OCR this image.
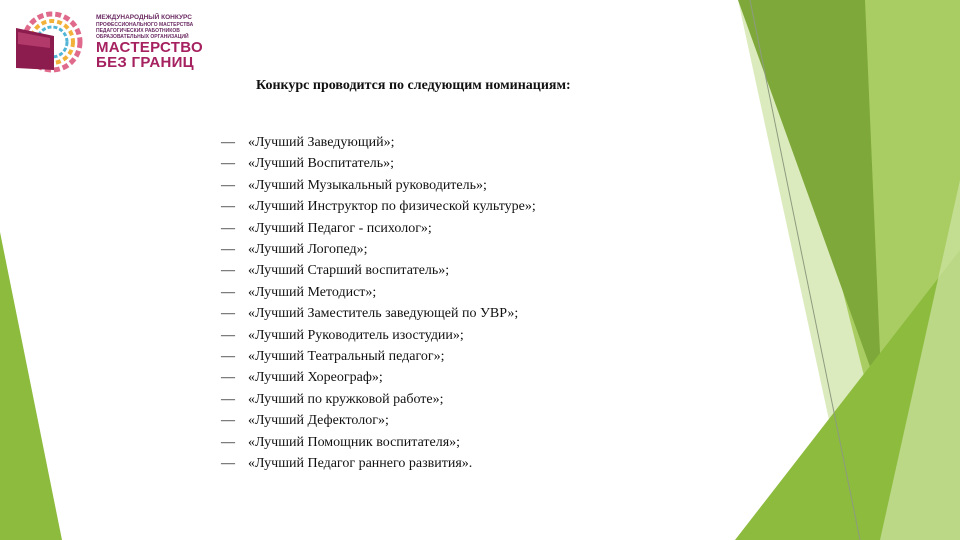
МЕЖДУНАРОДНЫЙ КОНКУРС
ПРОФЕССИОНАЛЬНОГО МАСТЕРСТВА
ПЕДАГОГИЧЕСКИХ РАБОТНИКОВ
ОБРАЗОВАТЕЛЬНЫХ ОРГАНИЗАЦИЙ
МАСТЕРСТВО
БЕЗ ГРАНИЦ
Конкурс проводится по следующим номинациям:
— «Лучший Заведующий»;
— «Лучший Воспитатель»;
— «Лучший Музыкальный руководитель»;
— «Лучший Инструктор по физической культуре»;
— «Лучший Педагог - психолог»;
— «Лучший Логопед»;
— «Лучший Старший воспитатель»;
— «Лучший Методист»;
— «Лучший Заместитель заведующей по УВР»;
— «Лучший Руководитель изостудии»;
— «Лучший Театральный педагог»;
— «Лучший Хореограф»;
— «Лучший по кружковой работе»;
— «Лучший Дефектолог»;
— «Лучший Помощник воспитателя»;
— «Лучший Педагог раннего развития».
